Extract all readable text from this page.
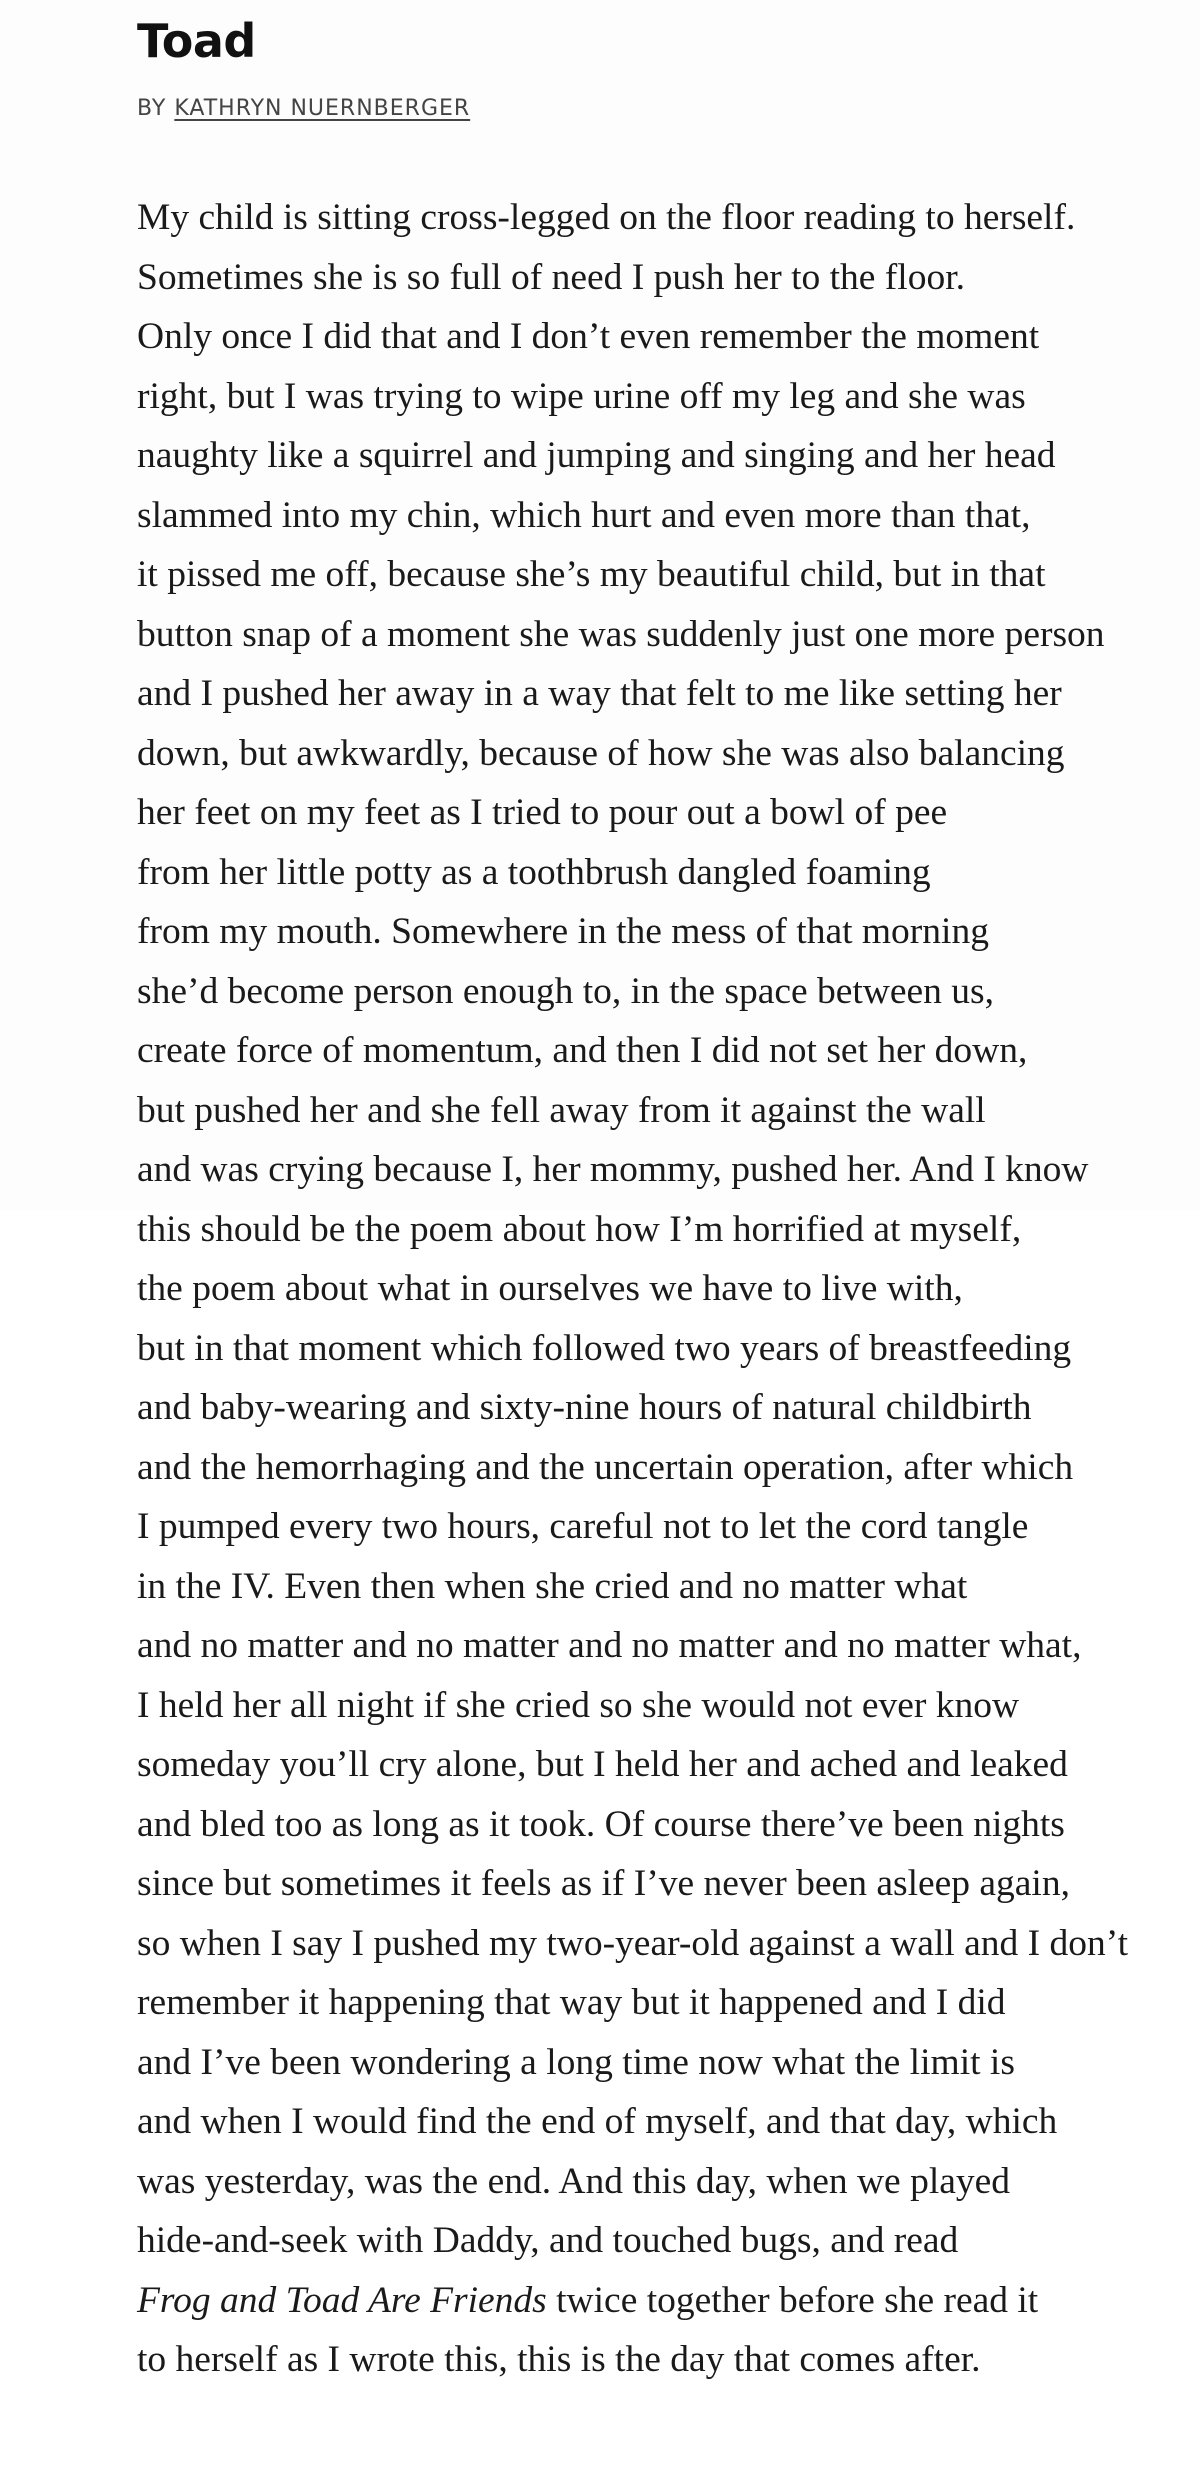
Toad
BY KATHRYN NUERNBERGER
My child is sitting cross-legged on the floor reading to herself.
Sometimes she is so full of need I push her to the floor.
Only once I did that and I don’t even remember the moment
right, but I was trying to wipe urine off my leg and she was
naughty like a squirrel and jumping and singing and her head
slammed into my chin, which hurt and even more than that,
it pissed me off, because she’s my beautiful child, but in that
button snap of a moment she was suddenly just one more person
and I pushed her away in a way that felt to me like setting her
down, but awkwardly, because of how she was also balancing
her feet on my feet as I tried to pour out a bowl of pee
from her little potty as a toothbrush dangled foaming
from my mouth. Somewhere in the mess of that morning
she’d become person enough to, in the space between us,
create force of momentum, and then I did not set her down,
but pushed her and she fell away from it against the wall
and was crying because I, her mommy, pushed her. And I know
this should be the poem about how I’m horrified at myself,
the poem about what in ourselves we have to live with,
but in that moment which followed two years of breastfeeding
and baby-wearing and sixty-nine hours of natural childbirth
and the hemorrhaging and the uncertain operation, after which
I pumped every two hours, careful not to let the cord tangle
in the IV. Even then when she cried and no matter what
and no matter and no matter and no matter and no matter what,
I held her all night if she cried so she would not ever know
someday you’ll cry alone, but I held her and ached and leaked
and bled too as long as it took. Of course there’ve been nights
since but sometimes it feels as if I’ve never been asleep again,
so when I say I pushed my two-year-old against a wall and I don’t
remember it happening that way but it happened and I did
and I’ve been wondering a long time now what the limit is
and when I would find the end of myself, and that day, which
was yesterday, was the end. And this day, when we played
hide-and-seek with Daddy, and touched bugs, and read
Frog and Toad Are Friends twice together before she read it
to herself as I wrote this, this is the day that comes after.
